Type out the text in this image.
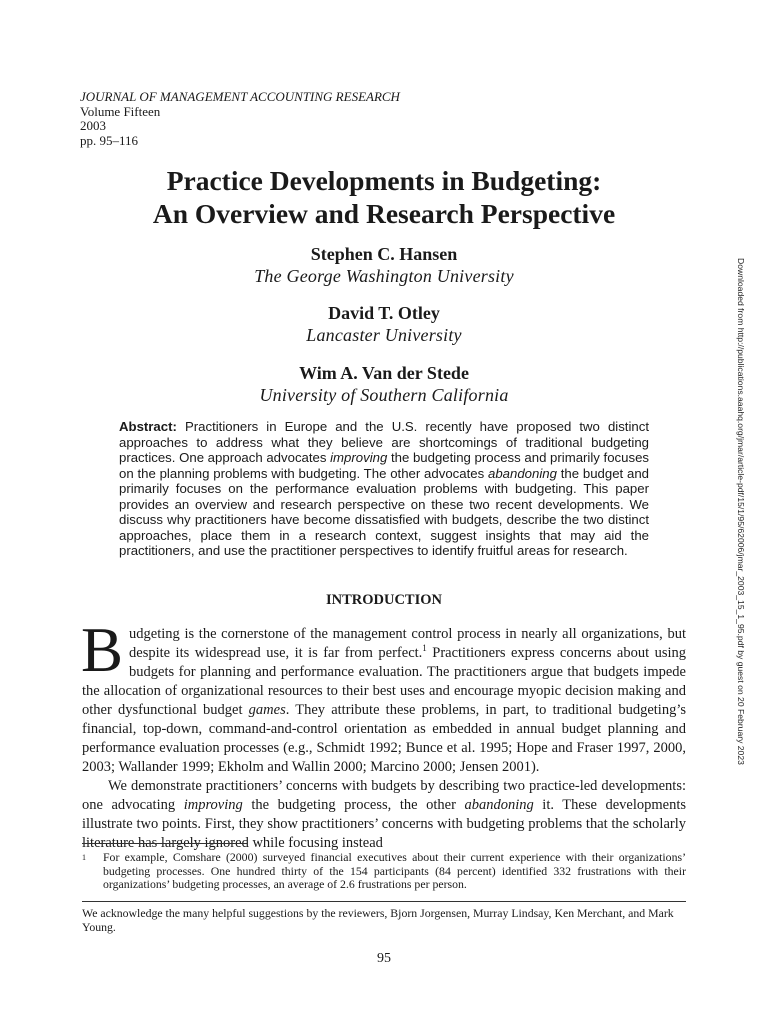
JOURNAL OF MANAGEMENT ACCOUNTING RESEARCH
Volume Fifteen
2003
pp. 95–116
Practice Developments in Budgeting:
An Overview and Research Perspective
Stephen C. Hansen
The George Washington University
David T. Otley
Lancaster University
Wim A. Van der Stede
University of Southern California
Abstract: Practitioners in Europe and the U.S. recently have proposed two distinct approaches to address what they believe are shortcomings of traditional budgeting practices. One approach advocates improving the budgeting process and primarily focuses on the planning problems with budgeting. The other advocates abandoning the budget and primarily focuses on the performance evaluation problems with budgeting. This paper provides an overview and research perspective on these two recent developments. We discuss why practitioners have become dissatisfied with budgets, describe the two distinct approaches, place them in a research context, suggest insights that may aid the practitioners, and use the practitioner perspectives to identify fruitful areas for research.
INTRODUCTION

Budgeting is the cornerstone of the management control process in nearly all organizations, but despite its widespread use, it is far from perfect.$^1$ Practitioners express concerns about using budgets for planning and performance evaluation. The practitioners argue that budgets impede the allocation of organizational resources to their best uses and encourage myopic decision making and other dysfunctional budget games. They attribute these problems, in part, to traditional budgeting’s financial, top-down, command-and-control orientation as embedded in annual budget planning and performance evaluation processes (e.g., Schmidt 1992; Bunce et al. 1995; Hope and Fraser 1997, 2000, 2003; Wallander 1999; Ekholm and Wallin 2000; Marcino 2000; Jensen 2001).

We demonstrate practitioners’ concerns with budgets by describing two practice-led developments: one advocating improving the budgeting process, the other abandoning it. These developments illustrate two points. First, they show practitioners’ concerns with budgeting problems that the scholarly literature has largely ignored while focusing instead

1 For example, Comshare (2000) surveyed financial executives about their current experience with their organizations’ budgeting processes. One hundred thirty of the 154 participants (84 percent) identified 332 frustrations with their organizations’ budgeting processes, an average of 2.6 frustrations per person.
We acknowledge the many helpful suggestions by the reviewers, Bjorn Jorgensen, Murray Lindsay, Ken Merchant, and Mark Young.
95
Downloaded from http://publications.aaahq.org/jmar/article-pdf/15/1/95/62006/jmar_2003_15_1_95.pdf by guest on 20 February 2023
